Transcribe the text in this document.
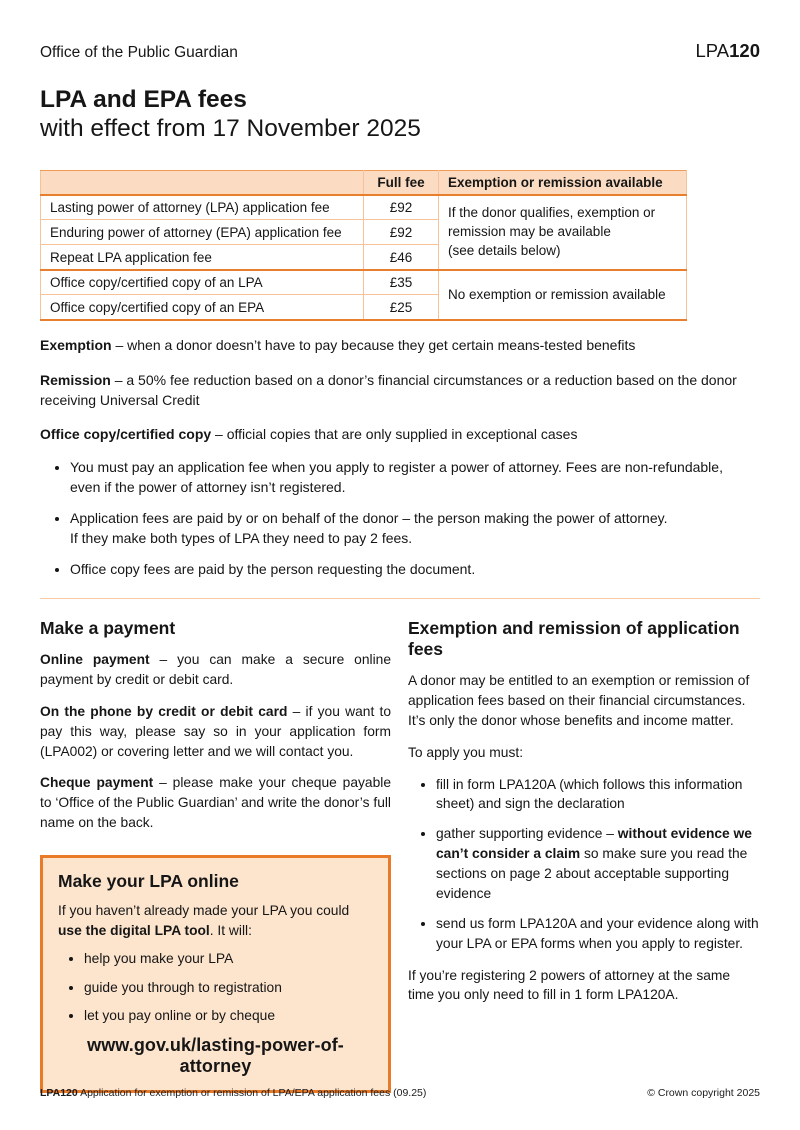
Office of the Public Guardian	LPA120
LPA and EPA fees
with effect from 17 November 2025
	Full fee	Exemption or remission available
Lasting power of attorney (LPA) application fee	£92	If the donor qualifies, exemption or remission may be available
(see details below)
Enduring power of attorney (EPA) application fee	£92	
Repeat LPA application fee	£46	
Office copy/certified copy of an LPA	£35	No exemption or remission available
Office copy/certified copy of an EPA	£25	

Exemption – when a donor doesn’t have to pay because they get certain means-tested benefits

Remission – a 50% fee reduction based on a donor’s financial circumstances or a reduction based on the donor receiving Universal Credit

Office copy/certified copy – official copies that are only supplied in exceptional cases

• You must pay an application fee when you apply to register a power of attorney. Fees are non-refundable,
even if the power of attorney isn’t registered.
• Application fees are paid by or on behalf of the donor – the person making the power of attorney.
If they make both types of LPA they need to pay 2 fees.
• Office copy fees are paid by the person requesting the document.
Make a payment

Online payment – you can make a secure online payment by credit or debit card.

On the phone by credit or debit card – if you want to pay this way, please say so in your application form (LPA002) or covering letter and we will contact you.

Cheque payment – please make your cheque payable to ‘Office of the Public Guardian’ and write the donor’s full name on the back.

Make your LPA online

If you haven’t already made your LPA you could use the digital LPA tool. It will:

• help you make your LPA
• guide you through to registration
• let you pay online or by cheque
www.gov.uk/lasting-power-of-attorney
Exemption and remission of application fees

A donor may be entitled to an exemption or remission of application fees based on their financial circumstances. It’s only the donor whose benefits and income matter.

To apply you must:

• fill in form LPA120A (which follows this information sheet) and sign the declaration
• gather supporting evidence – without evidence we can’t consider a claim so make sure you read the sections on page 2 about acceptable supporting evidence
• send us form LPA120A and your evidence along with your LPA or EPA forms when you apply to register.

If you’re registering 2 powers of attorney at the same time you only need to fill in 1 form LPA120A.

LPA120 Application for exemption or remission of LPA/EPA application fees (09.25)	© Crown copyright 2025
